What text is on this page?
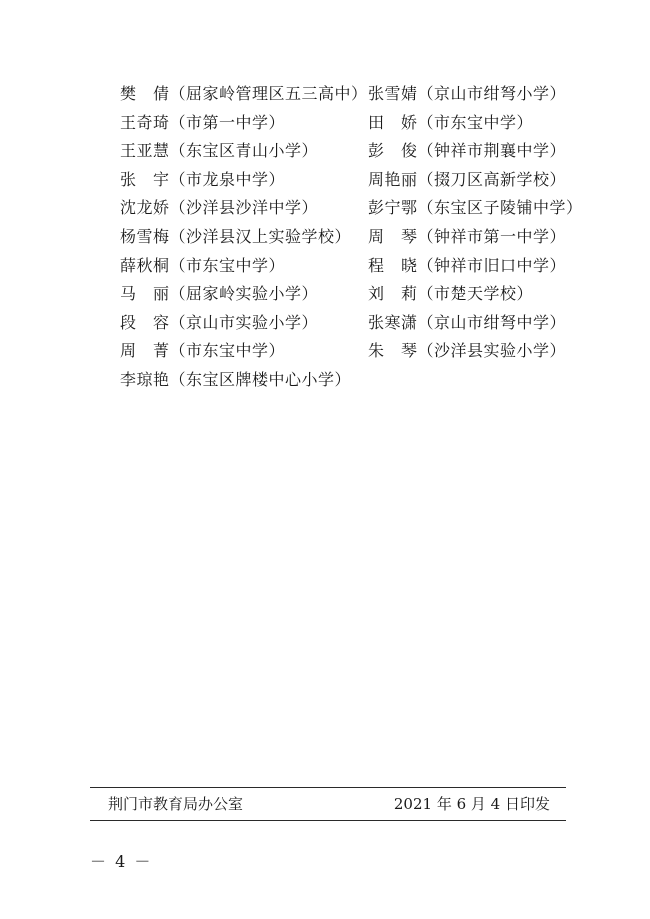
樊　倩（屈家岭管理区五三高中）
王奇琦（市第一中学）
王亚慧（东宝区青山小学）
张　宇（市龙泉中学）
沈龙娇（沙洋县沙洋中学）
杨雪梅（沙洋县汉上实验学校）
薛秋桐（市东宝中学）
马　丽（屈家岭实验小学）
段　容（京山市实验小学）
周　菁（市东宝中学）
李琼艳（东宝区牌楼中心小学）
张雪婧（京山市绀弩小学）
田　娇（市东宝中学）
彭　俊（钟祥市荆襄中学）
周艳丽（掇刀区高新学校）
彭宁鄂（东宝区子陵铺中学）
周　琴（钟祥市第一中学）
程　晓（钟祥市旧口中学）
刘　莉（市楚天学校）
张寒潇（京山市绀弩中学）
朱　琴（沙洋县实验小学）
荆门市教育局办公室	2021 年 6 月 4 日印发
－ 4 －
